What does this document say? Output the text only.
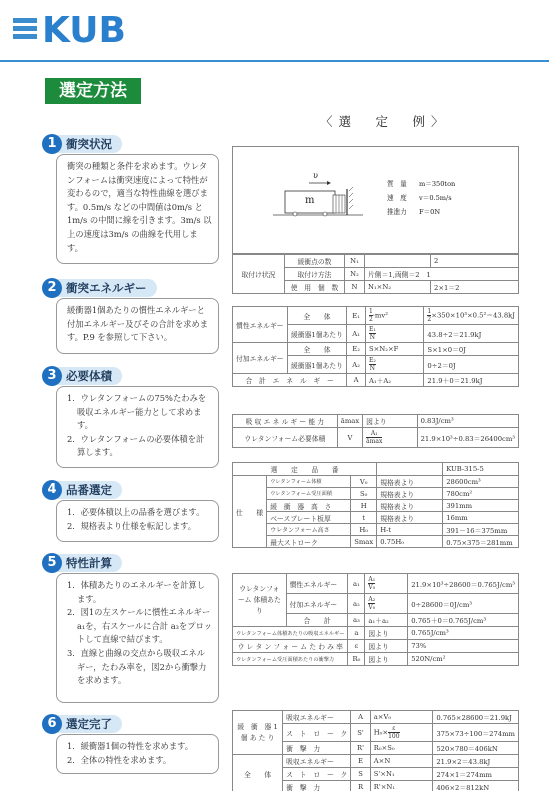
KUB
選定方法
〈選　定　例〉
衝突状況
1

衝突の種類と条件を求めます。ウレタンフォームは衝突速度によって特性が変わるので，適当な特性曲線を選びます。0.5m/s などの中間値は0m/s と1m/s の中間に線を引きます。3m/s 以上の速度は3m/s の曲線を代用します。

衝突エネルギー
2

緩衝器1個あたりの慣性エネルギーと付加エネルギー及びその合計を求めます。P.9 を参照して下さい。

必要体積
3
1．ウレタンフォームの75%たわみを吸収エネルギー能力として求めます。
2．ウレタンフォームの必要体積を計算します。
品番選定
4
1．必要体積以上の品番を選びます。
2．規格表より仕様を転記します。
特性計算
5
1．体積あたりのエネルギーを計算します。
2．図1の左スケールに慣性エネルギー a₁を，右スケールに合計 a₃をプロットして直線で結びます。
3．直線と曲線の交点から吸収エネルギー，たわみ率を，図2から衝撃力を求めます。
選定完了
6
1．緩衝器1個の特性を求めます。
2．全体の特性を求めます。
υ
m
質　量
速　度
推進力
m＝350ton
v＝0.5m/s
F＝0N
取付け状況	緩衝点の数	N₁		2
	取付け方法	N₂	片側＝1,両側＝2　1	
	使　用　個　数	N	N₁×N₂	2×1＝2
慣性エネルギー	全　　体	E₁	$\frac{1}{2} \cdot mv^2$	$\frac{1}{2} \times 350\times 10^3\times 0.5^2=43.8kJ$
	緩衝器1個あたり	A₁	$\frac{\text{E₁}}{N}$	43.8÷2＝21.9kJ
付加エネルギー	全　　体	E₂	S×N₂×F	S×1×0＝0J
	緩衝器1個あたり	A₂	$\frac{\text{E₂}}{N}$	0÷2＝0J
合　計　エ　ネ　ル　ギ　ー		A	A₁＋A₂	21.9＋0＝21.9kJ
吸 収 エ ネ ル ギ ー 能 力	āmax	図より	0.83J/cm³
ウレタンフォーム必要体積	V	$\frac{\text{A₁}}{ā\max}$	21.9×10³÷0.83＝26400cm³
選　　定　　品　　番				KUB-315-5
仕　　様	ウレタンフォーム体積	V₀	規格表より	28600cm³
	ウレタンフォーム受圧面積	S₀	規格表より	780cm²
	緩　衝　器　高　さ	H	規格表より	391mm
	ベースプレート板厚	t	規格表より	16mm
	ウレタンフォーム高さ	H₀	H-t	391－16＝375mm
	最大ストローク	Smax	0.75H₀	0.75×375＝281mm
ウレタンフォーム 体積あたり	慣性エネルギー	a₁	$\frac{\text{A₁}}{\text{V₀}}$	21.9×10³÷28600＝0.765J/cm³
	付加エネルギー	a₂	$\frac{\text{A₂}}{\text{V₀}}$	0÷28600＝0J/cm³
	合　　計	a₃	a₁＋a₂	0.765＋0＝0.765J/cm³
ウレタンフォーム体積あたりの吸収エネルギー		a	図より	0.765J/cm³
ウ レ タ ン フ ォ ー ム た わ み 率		ε	図より	73%
ウレタンフォーム受圧面積あたりの衝撃力		R₀	図より	520N/cm²
緩　衝　器 1 個 あ た り	吸収エネルギー	A	a×V₀	0.765×28600＝21.9kJ
	ス　ト　ロ　ー　ク	S'	$H_0\times \frac{\varepsilon}{100}$	375×73÷100＝274mm
	衝　撃　力	R'	R₀×S₀	520×780＝406kN
全　　体	吸収エネルギー	E	A×N	21.9×2＝43.8kJ
	ス　ト　ロ　ー　ク	S	S'×N₁	274×1＝274mm
	衝　撃　力	R	R'×N₁	406×2＝812kN
